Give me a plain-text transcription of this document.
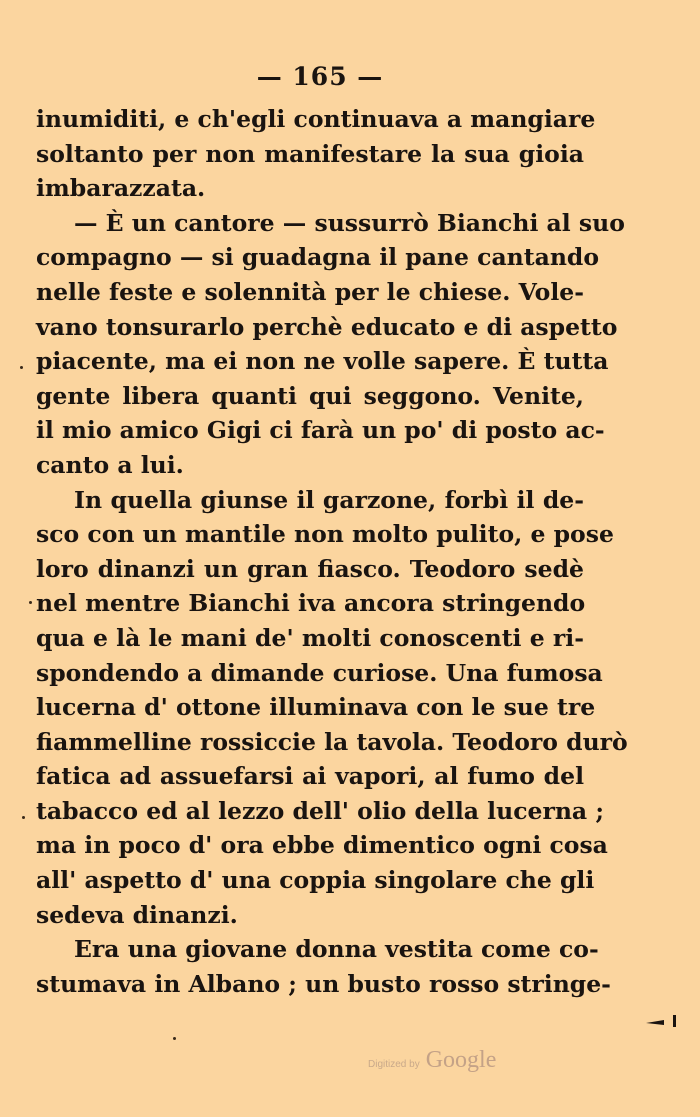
— 165 —
inumiditi, e ch'egli continuava a mangiare
soltanto per non manifestare la sua gioia
imbarazzata.
— È un cantore — sussurrò Bianchi al suo
compagno — si guadagna il pane cantando
nelle feste e solennità per le chiese. Vole-
vano tonsurarlo perchè educato e di aspetto
piacente, ma ei non ne volle sapere. È tutta
gente libera quanti qui seggono. Venite,
il mio amico Gigi ci farà un po' di posto ac-
canto a lui.
In quella giunse il garzone, forbì il de-
sco con un mantile non molto pulito, e pose
loro dinanzi un gran fiasco. Teodoro sedè
nel mentre Bianchi iva ancora stringendo
qua e là le mani de' molti conoscenti e ri-
spondendo a dimande curiose. Una fumosa
lucerna d' ottone illuminava con le sue tre
fiammelline rossiccie la tavola. Teodoro durò
fatica ad assuefarsi ai vapori, al fumo del
tabacco ed al lezzo dell' olio della lucerna ;
ma in poco d' ora ebbe dimentico ogni cosa
all' aspetto d' una coppia singolare che gli
sedeva dinanzi.
Era una giovane donna vestita come co-
stumava in Albano ; un busto rosso stringe-
Digitized by Google
